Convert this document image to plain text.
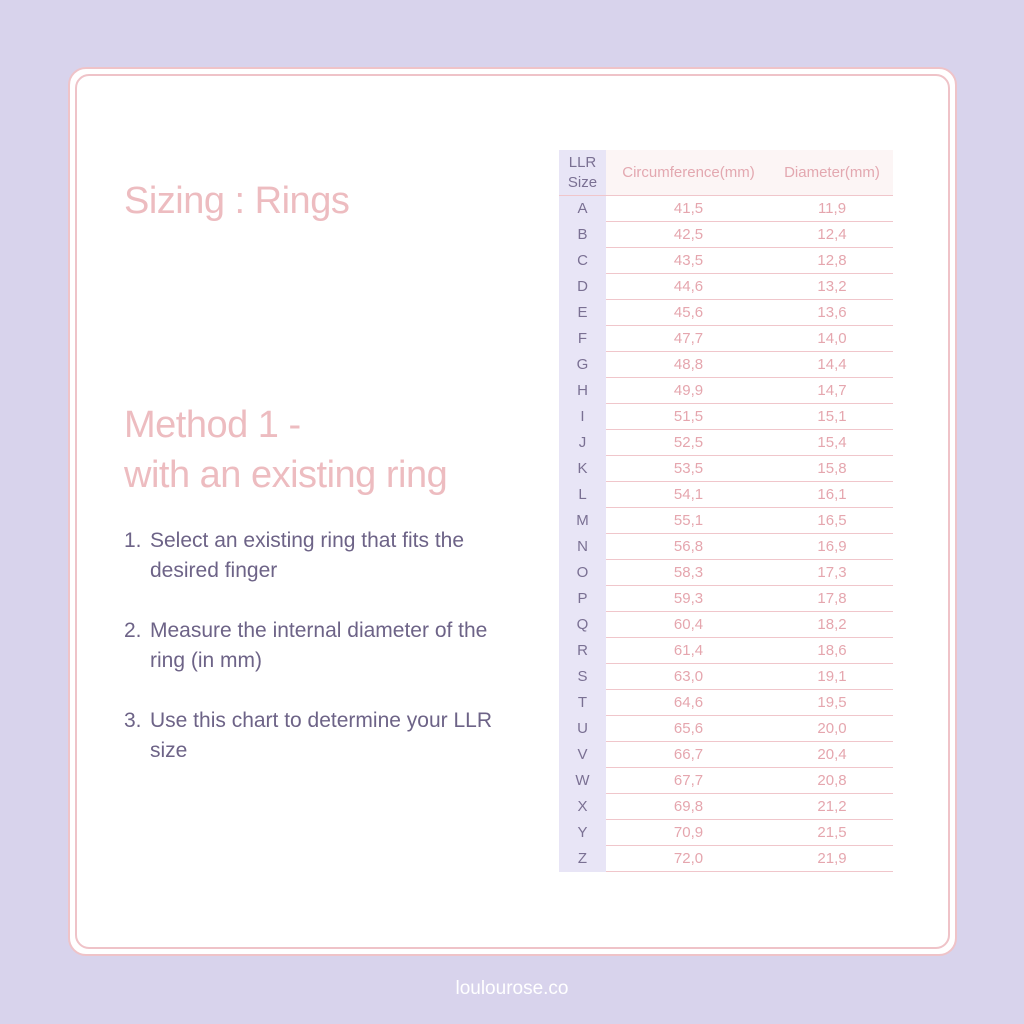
Sizing : Rings
Method 1 -
with an existing ring
1. Select an existing ring that fits the desired finger
2. Measure the internal diameter of the ring (in mm)
3. Use this chart to determine your LLR size
LLR
Size	Circumference(mm)	Diameter(mm)
A	41,5	11,9
B	42,5	12,4
C	43,5	12,8
D	44,6	13,2
E	45,6	13,6
F	47,7	14,0
G	48,8	14,4
H	49,9	14,7
I	51,5	15,1
J	52,5	15,4
K	53,5	15,8
L	54,1	16,1
M	55,1	16,5
N	56,8	16,9
O	58,3	17,3
P	59,3	17,8
Q	60,4	18,2
R	61,4	18,6
S	63,0	19,1
T	64,6	19,5
U	65,6	20,0
V	66,7	20,4
W	67,7	20,8
X	69,8	21,2
Y	70,9	21,5
Z	72,0	21,9

loulourose.co
